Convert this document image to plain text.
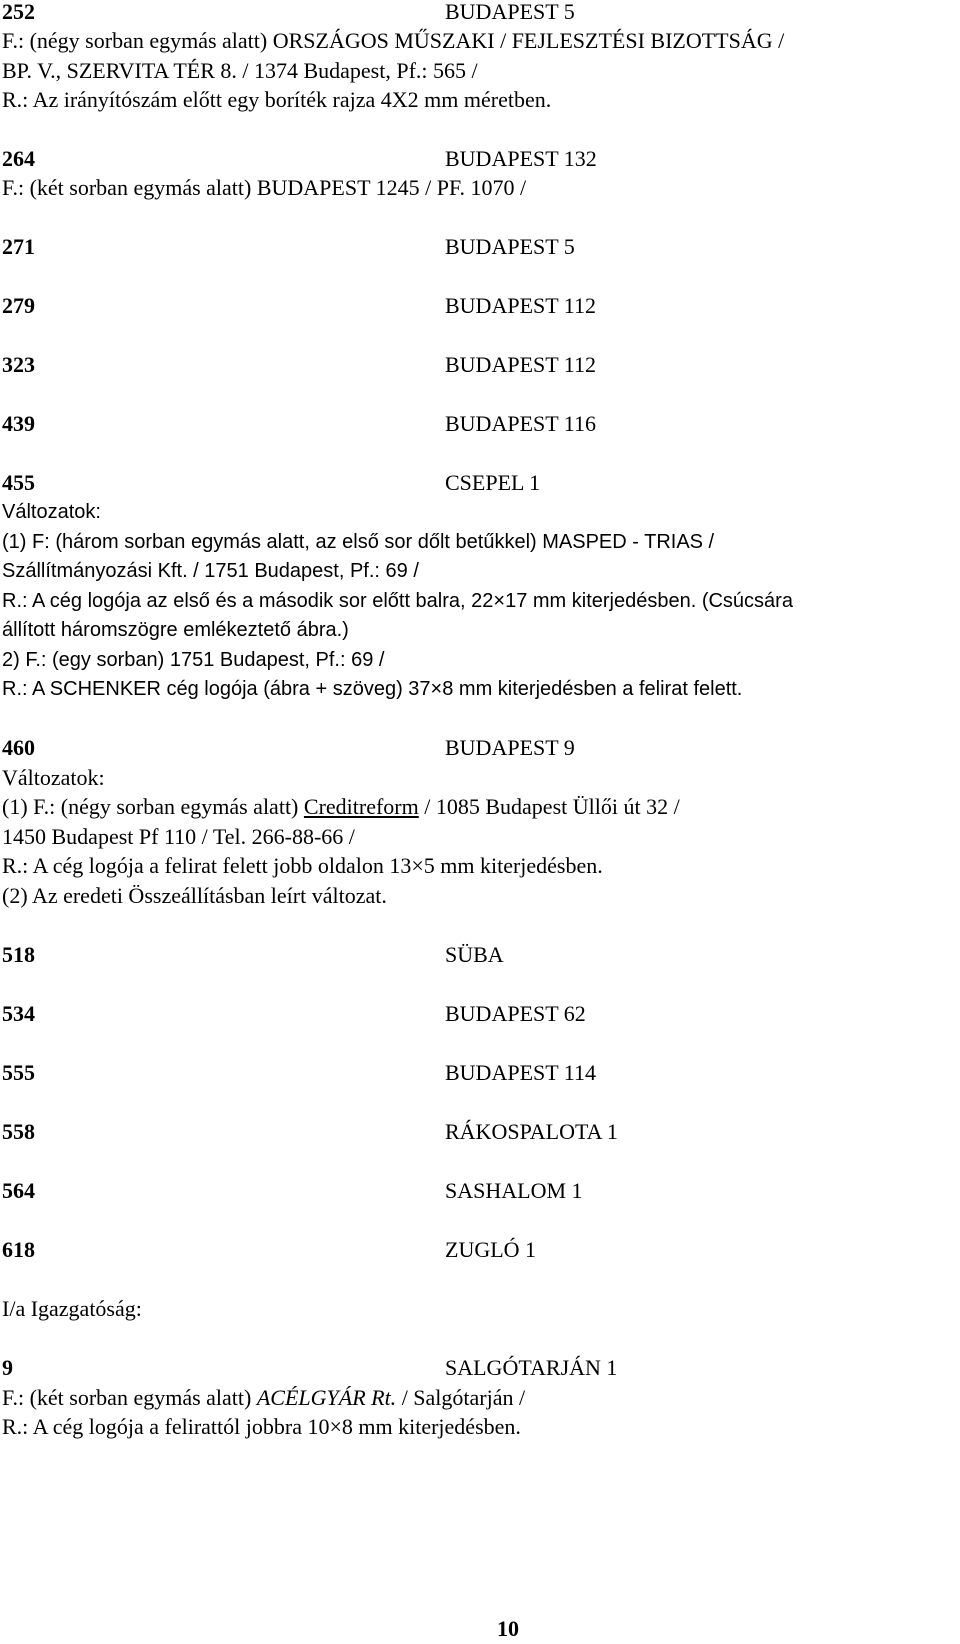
252	BUDAPEST 5
F.: (négy sorban egymás alatt) ORSZÁGOS MŰSZAKI / FEJLESZTÉSI BIZOTTSÁG /
BP. V., SZERVITA TÉR 8. / 1374 Budapest, Pf.: 565 /
R.: Az irányítószám előtt egy boríték rajza 4X2 mm méretben.
264	BUDAPEST 132
F.: (két sorban egymás alatt) BUDAPEST 1245 / PF. 1070 /
271	BUDAPEST 5
279	BUDAPEST 112
323	BUDAPEST 112
439	BUDAPEST 116
455	CSEPEL 1
Változatok:
(1) F: (három sorban egymás alatt, az első sor dőlt betűkkel) MASPED - TRIAS /
Szállítmányozási Kft. / 1751 Budapest, Pf.: 69 /
R.: A cég logója az első és a második sor előtt balra, 22×17 mm kiterjedésben. (Csúcsára
állított háromszögre emlékeztető ábra.)
2) F.: (egy sorban) 1751 Budapest, Pf.: 69 /
R.: A SCHENKER cég logója (ábra + szöveg) 37×8 mm kiterjedésben a felirat felett.
460	BUDAPEST 9
Változatok:
(1) F.: (négy sorban egymás alatt) Creditreform / 1085 Budapest Üllői út 32 /
1450 Budapest Pf 110 / Tel. 266-88-66 /
R.: A cég logója a felirat felett jobb oldalon 13×5 mm kiterjedésben.
(2) Az eredeti Összeállításban leírt változat.
518	SÜBA
534	BUDAPEST 62
555	BUDAPEST 114
558	RÁKOSPALOTA 1
564	SASHALOM 1
618	ZUGLÓ 1
I/a Igazgatóság:
9	SALGÓTARJÁN 1
F.: (két sorban egymás alatt) ACÉLGYÁR Rt. / Salgótarján /
R.: A cég logója a felirattól jobbra 10×8 mm kiterjedésben.
10
